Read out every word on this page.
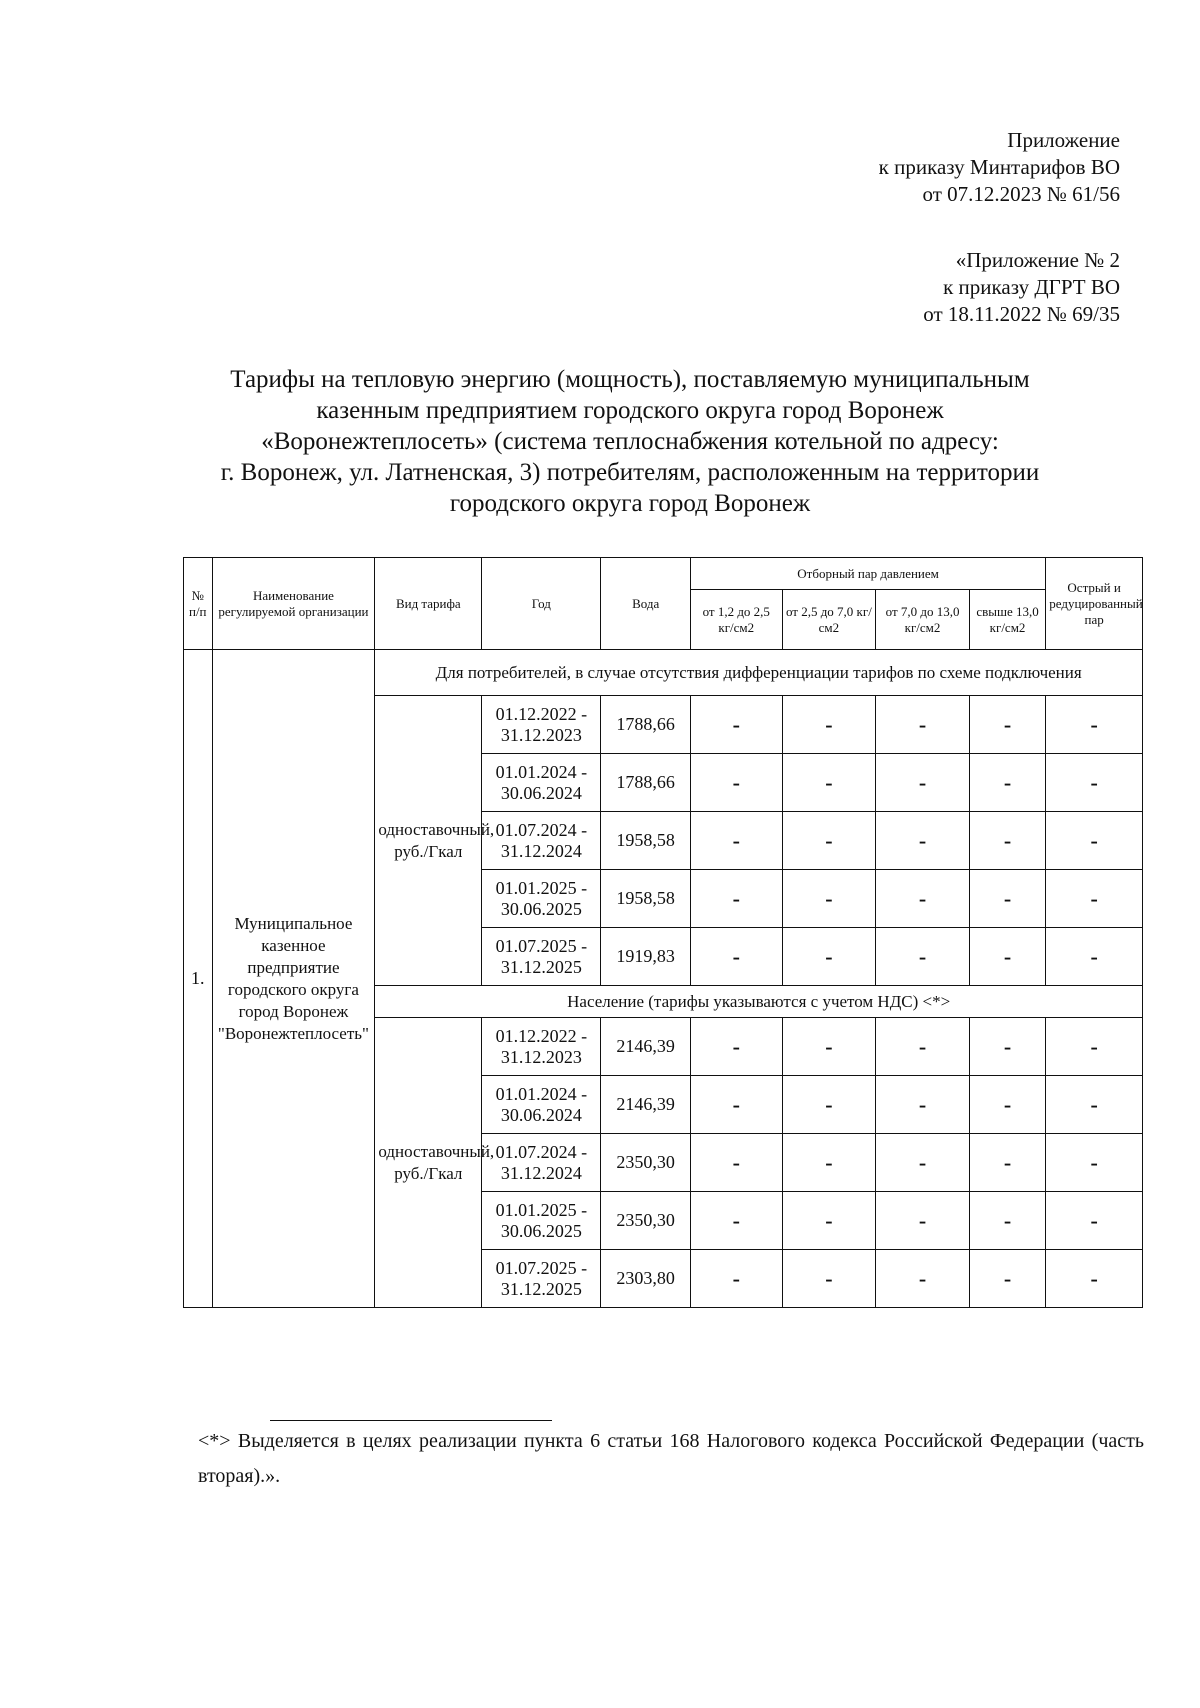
Приложение
к приказу Минтарифов ВО
от 07.12.2023 № 61/56
«Приложение № 2
к приказу ДГРТ ВО
от 18.11.2022 № 69/35
Тарифы на тепловую энергию (мощность), поставляемую муниципальным
казенным предприятием городского округа город Воронеж
«Воронежтеплосеть» (система теплоснабжения котельной по адресу:
г. Воронеж, ул. Латненская, 3) потребителям, расположенным на территории
городского округа город Воронеж
№ п/п	Наименование регулируемой организации	Вид тарифа	Год	Вода	Отборный пар давлением				Острый и редуцированный пар
					от 1,2 до 2,5 кг/см2	от 2,5 до 7,0 кг/см2	от 7,0 до 13,0 кг/см2	свыше 13,0 кг/см2	
1.	Муниципальное казенное предприятие городского округа город Воронеж "Воронежтеплосеть"	Для потребителей, в случае отсутствия дифференциации тарифов по схеме подключения							
		одноставочный, руб./Гкал	01.12.2022 - 31.12.2023	1788,66	-	-	-	-	-
			01.01.2024 - 30.06.2024	1788,66	-	-	-	-	-
			01.07.2024 - 31.12.2024	1958,58	-	-	-	-	-
			01.01.2025 - 30.06.2025	1958,58	-	-	-	-	-
			01.07.2025 - 31.12.2025	1919,83	-	-	-	-	-
		Население (тарифы указываются с учетом НДС) <*>							
		одноставочный, руб./Гкал	01.12.2022 - 31.12.2023	2146,39	-	-	-	-	-
			01.01.2024 - 30.06.2024	2146,39	-	-	-	-	-
			01.07.2024 - 31.12.2024	2350,30	-	-	-	-	-
			01.01.2025 - 30.06.2025	2350,30	-	-	-	-	-
			01.07.2025 - 31.12.2025	2303,80	-	-	-	-	-
<*> Выделяется в целях реализации пункта 6 статьи 168 Налогового кодекса Российской Федерации (часть вторая).».
